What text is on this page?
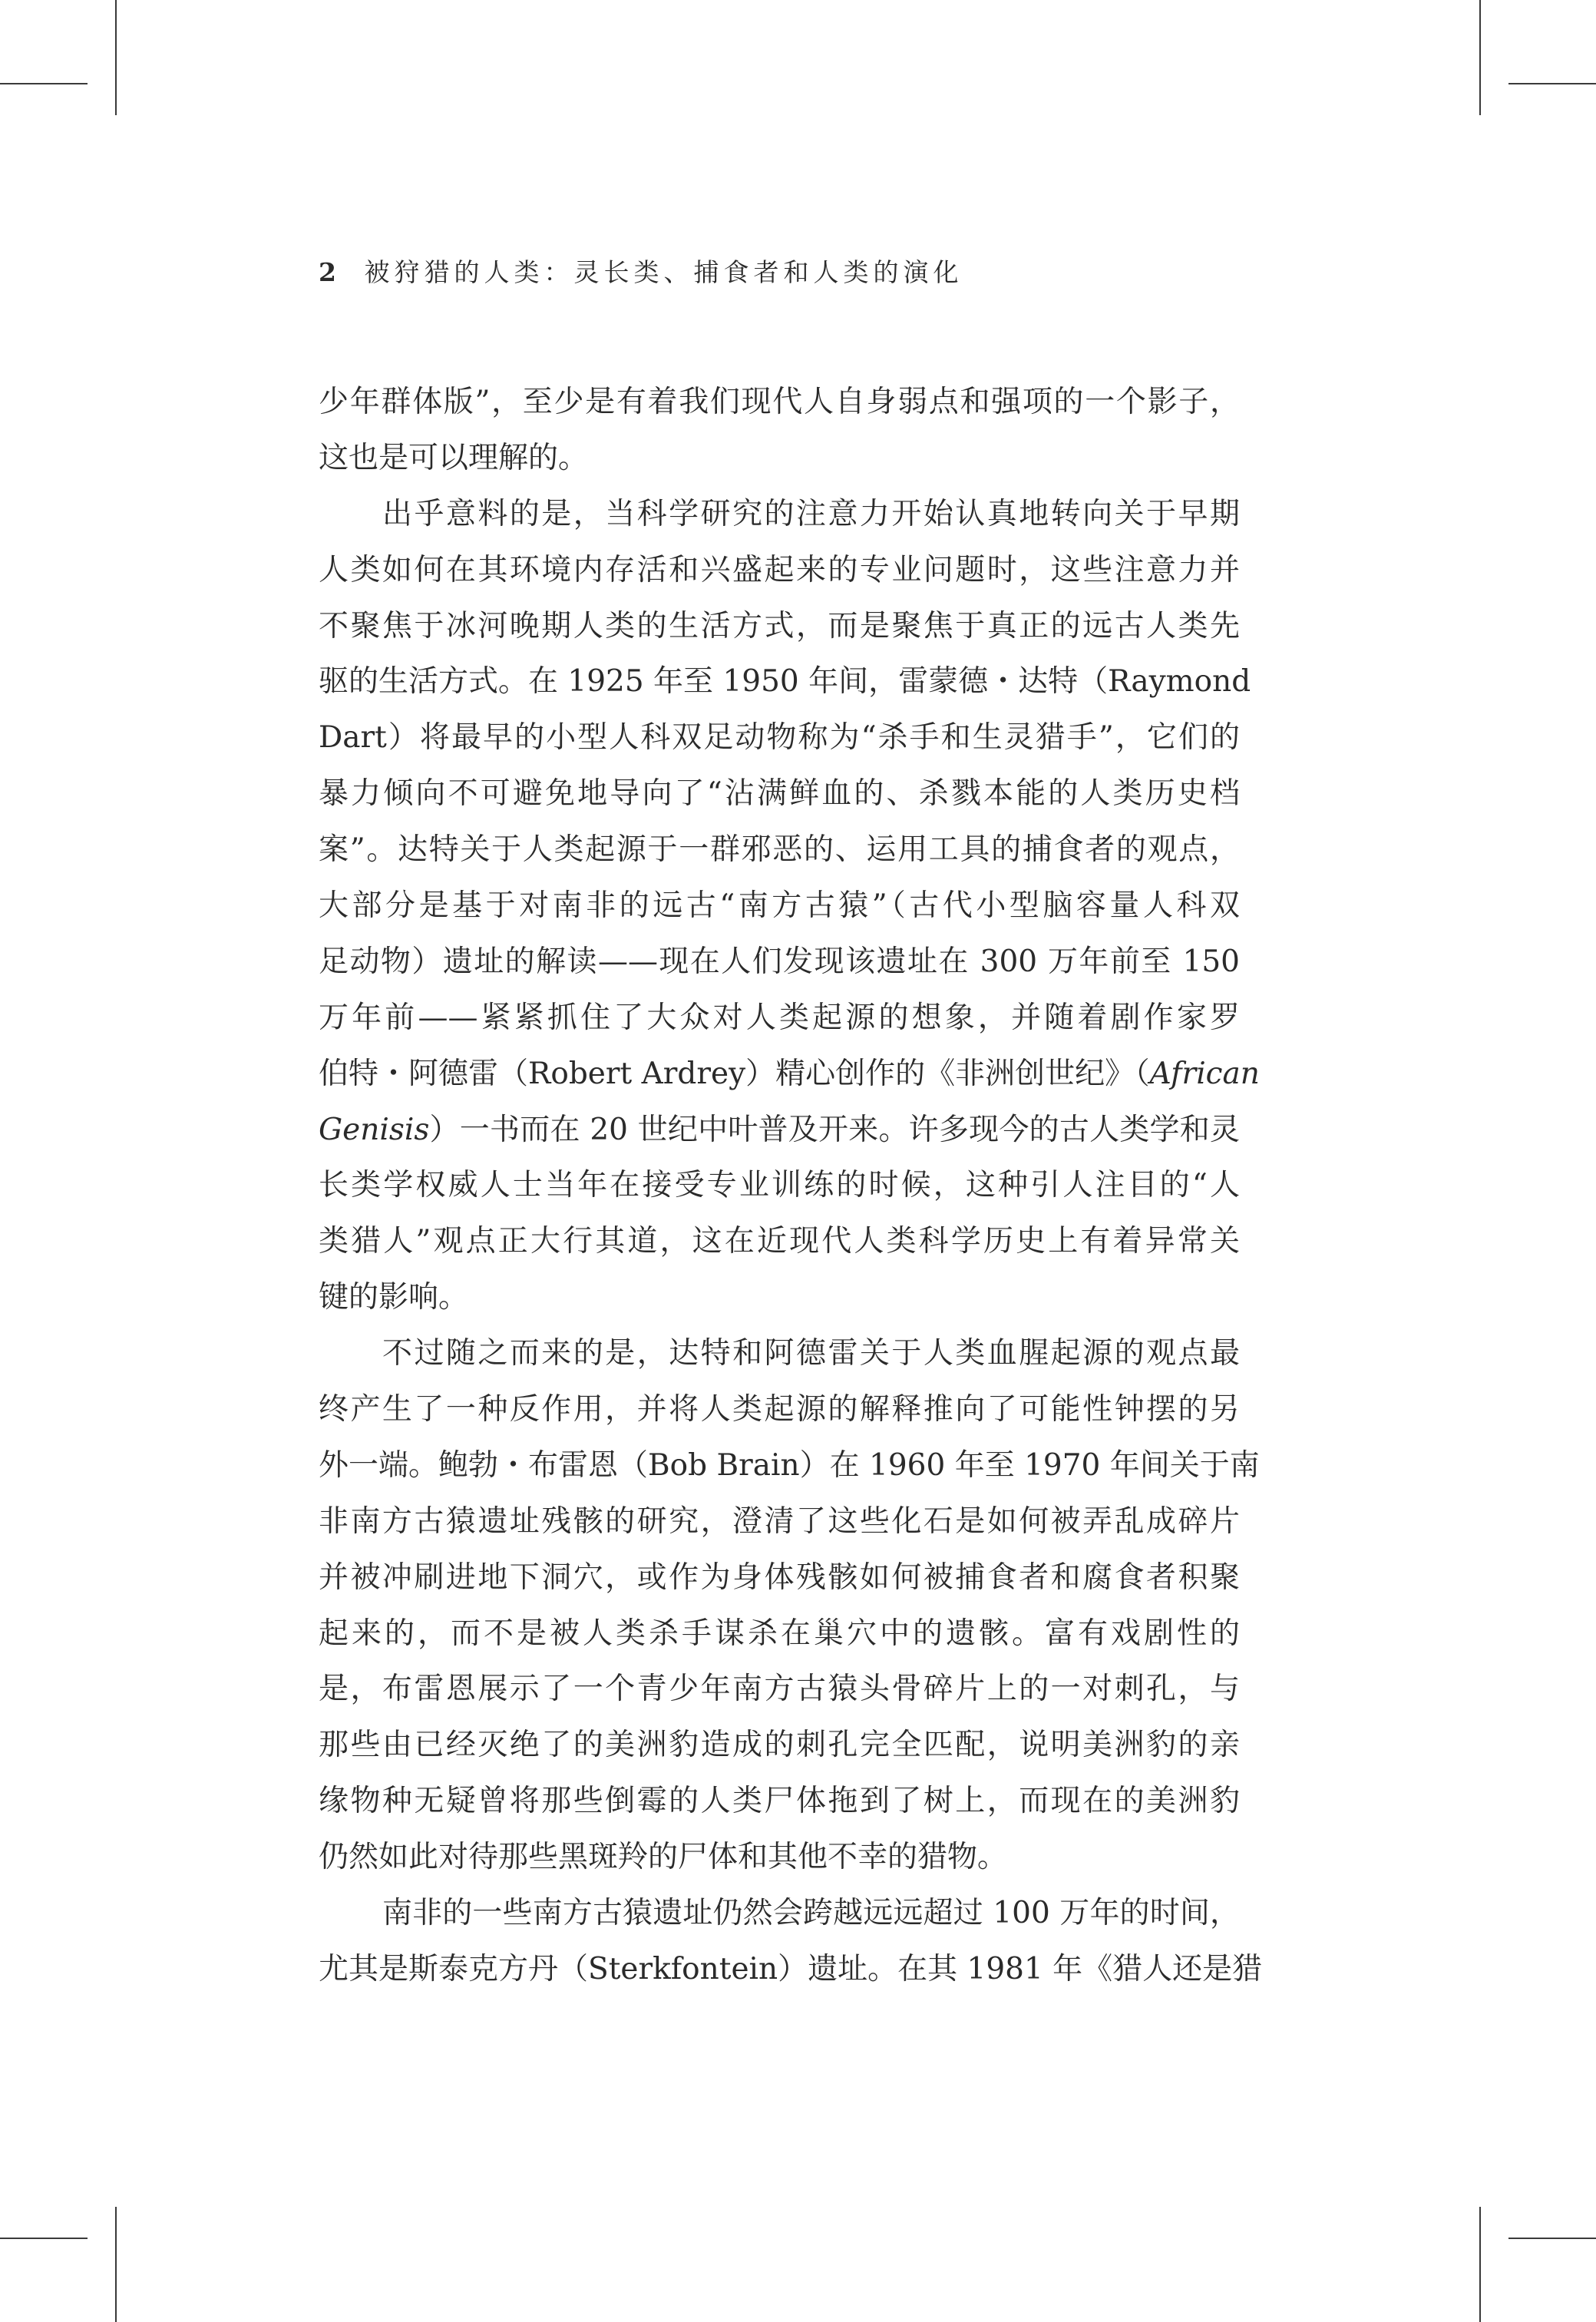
2 被狩猎的人类：灵长类、捕食者和人类的演化
少年群体版”，至少是有着我们现代人自身弱点和强项的一个影子，
这也是可以理解的。
出乎意料的是，当科学研究的注意力开始认真地转向关于早期
人类如何在其环境内存活和兴盛起来的专业问题时，这些注意力并
不聚焦于冰河晚期人类的生活方式，而是聚焦于真正的远古人类先
驱的生活方式。在 1925 年至 1950 年间，雷蒙德・达特（Raymond
Dart）将最早的小型人科双足动物称为“杀手和生灵猎手”，它们的
暴力倾向不可避免地导向了“沾满鲜血的、杀戮本能的人类历史档
案”。达特关于人类起源于一群邪恶的、运用工具的捕食者的观点，
大部分是基于对南非的远古“南方古猿”（古代小型脑容量人科双
足动物）遗址的解读——现在人们发现该遗址在 300 万年前至 150
万年前——紧紧抓住了大众对人类起源的想象，并随着剧作家罗
伯特・阿德雷（Robert Ardrey）精心创作的《非洲创世纪》（African
Genisis）一书而在 20 世纪中叶普及开来。许多现今的古人类学和灵
长类学权威人士当年在接受专业训练的时候，这种引人注目的“人
类猎人”观点正大行其道，这在近现代人类科学历史上有着异常关
键的影响。
不过随之而来的是，达特和阿德雷关于人类血腥起源的观点最
终产生了一种反作用，并将人类起源的解释推向了可能性钟摆的另
外一端。鲍勃・布雷恩（Bob Brain）在 1960 年至 1970 年间关于南
非南方古猿遗址残骸的研究，澄清了这些化石是如何被弄乱成碎片
并被冲刷进地下洞穴，或作为身体残骸如何被捕食者和腐食者积聚
起来的，而不是被人类杀手谋杀在巢穴中的遗骸。富有戏剧性的
是，布雷恩展示了一个青少年南方古猿头骨碎片上的一对刺孔，与
那些由已经灭绝了的美洲豹造成的刺孔完全匹配，说明美洲豹的亲
缘物种无疑曾将那些倒霉的人类尸体拖到了树上，而现在的美洲豹
仍然如此对待那些黑斑羚的尸体和其他不幸的猎物。
南非的一些南方古猿遗址仍然会跨越远远超过 100 万年的时间，
尤其是斯泰克方丹（Sterkfontein）遗址。在其 1981 年《猎人还是猎
